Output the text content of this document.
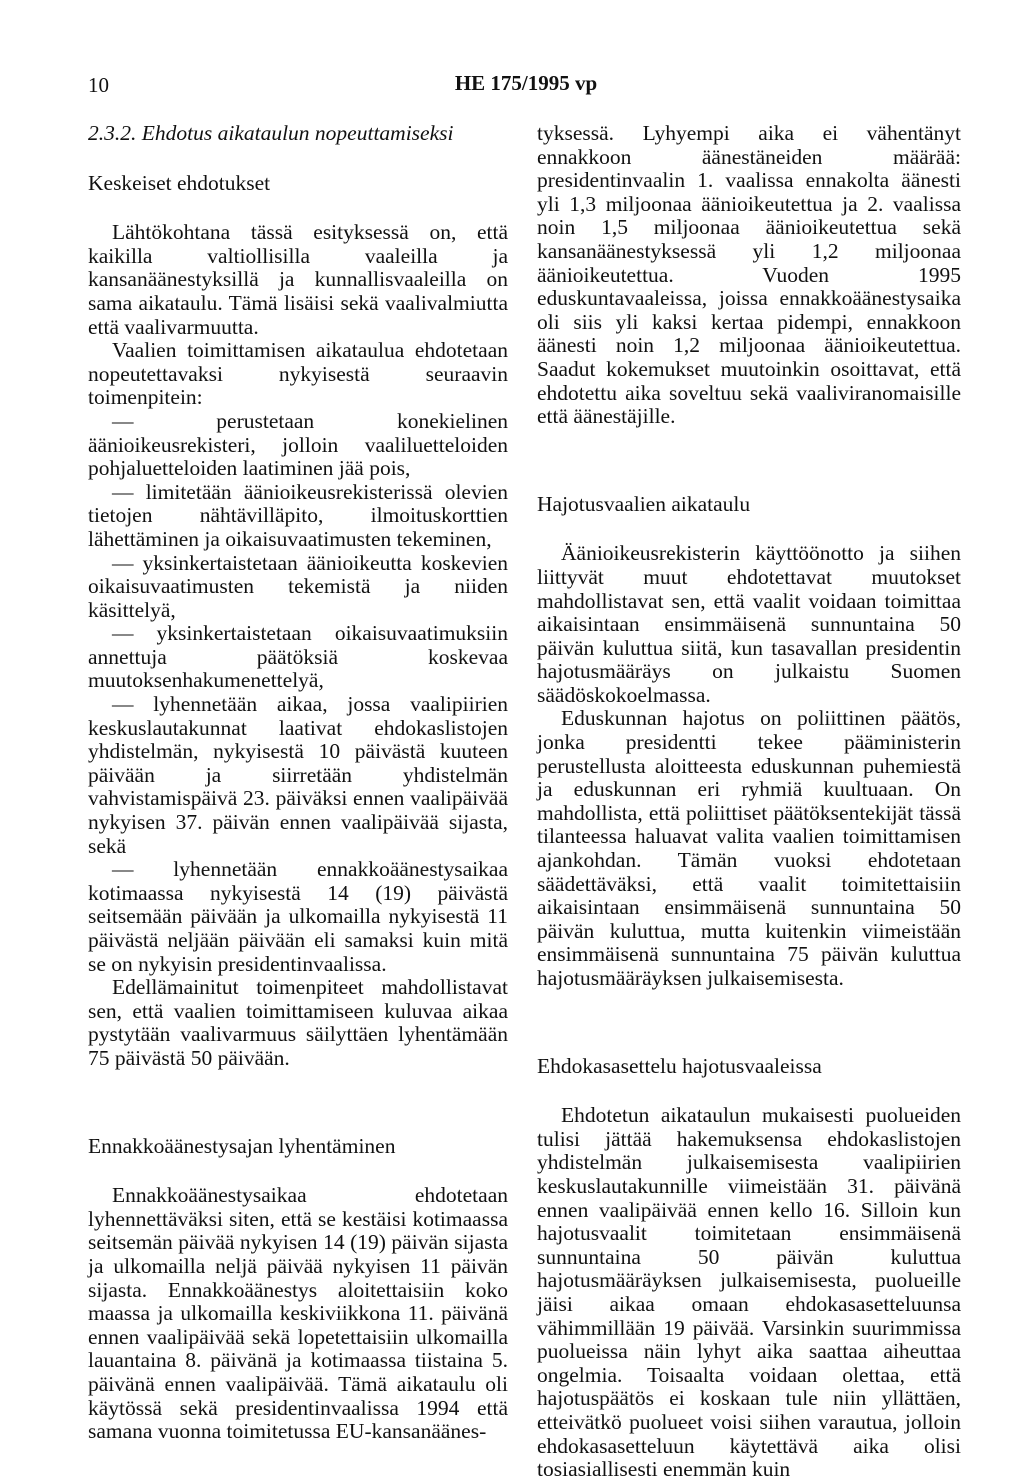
10	HE 175/1995 vp
2.3.2. Ehdotus aikataulun nopeuttamiseksi
Keskeiset ehdotukset

Lähtökohtana tässä esityksessä on, että kaikilla valtiollisilla vaaleilla ja kansanäänestyksillä ja kunnallisvaaleilla on sama aikataulu. Tämä lisäisi sekä vaalivalmiutta että vaalivarmuutta.

Vaalien toimittamisen aikataulua ehdotetaan nopeutettavaksi nykyisestä seuraavin toimenpitein:

— perustetaan konekielinen äänioikeusrekisteri, jolloin vaaliluetteloiden pohjaluetteloiden laatiminen jää pois,

— limitetään äänioikeusrekisterissä olevien tietojen nähtävilläpito, ilmoituskorttien lähettäminen ja oikaisuvaatimusten tekeminen,

— yksinkertaistetaan äänioikeutta koskevien oikaisuvaatimusten tekemistä ja niiden käsittelyä,

— yksinkertaistetaan oikaisuvaatimuksiin annettuja päätöksiä koskevaa muutoksenhakumenettelyä,

— lyhennetään aikaa, jossa vaalipiirien keskuslautakunnat laativat ehdokaslistojen yhdistelmän, nykyisestä 10 päivästä kuuteen päivään ja siirretään yhdistelmän vahvistamispäivä 23. päiväksi ennen vaalipäivää nykyisen 37. päivän ennen vaalipäivää sijasta, sekä

— lyhennetään ennakkoäänestysaikaa kotimaassa nykyisestä 14 (19) päivästä seitsemään päivään ja ulkomailla nykyisestä 11 päivästä neljään päivään eli samaksi kuin mitä se on nykyisin presidentinvaalissa.

Edellämainitut toimenpiteet mahdollistavat sen, että vaalien toimittamiseen kuluvaa aikaa pystytään vaalivarmuus säilyttäen lyhentämään 75 päivästä 50 päivään.

Ennakkoäänestysajan lyhentäminen

Ennakkoäänestysaikaa ehdotetaan lyhennettäväksi siten, että se kestäisi kotimaassa seitsemän päivää nykyisen 14 (19) päivän sijasta ja ulkomailla neljä päivää nykyisen 11 päivän sijasta. Ennakkoäänestys aloitettaisiin koko maassa ja ulkomailla keskiviikkona 11. päivänä ennen vaalipäivää sekä lopetettaisiin ulkomailla lauantaina 8. päivänä ja kotimaassa tiistaina 5. päivänä ennen vaalipäivää. Tämä aikataulu oli käytössä sekä presidentinvaalissa 1994 että samana vuonna toimitetussa EU-kansanäänes-

tyksessä. Lyhyempi aika ei vähentänyt ennakkoon äänestäneiden määrää: presidentinvaalin 1. vaalissa ennakolta äänesti yli 1,3 miljoonaa äänioikeutettua ja 2. vaalissa noin 1,5 miljoonaa äänioikeutettua sekä kansanäänestyksessä yli 1,2 miljoonaa äänioikeutettua. Vuoden 1995 eduskuntavaaleissa, joissa ennakkoäänestysaika oli siis yli kaksi kertaa pidempi, ennakkoon äänesti noin 1,2 miljoonaa äänioikeutettua. Saadut kokemukset muutoinkin osoittavat, että ehdotettu aika soveltuu sekä vaaliviranomaisille että äänestäjille.

Hajotusvaalien aikataulu

Äänioikeusrekisterin käyttöönotto ja siihen liittyvät muut ehdotettavat muutokset mahdollistavat sen, että vaalit voidaan toimittaa aikaisintaan ensimmäisenä sunnuntaina 50 päivän kuluttua siitä, kun tasavallan presidentin hajotusmääräys on julkaistu Suomen säädöskokoelmassa.

Eduskunnan hajotus on poliittinen päätös, jonka presidentti tekee pääministerin perustellusta aloitteesta eduskunnan puhemiestä ja eduskunnan eri ryhmiä kuultuaan. On mahdollista, että poliittiset päätöksentekijät tässä tilanteessa haluavat valita vaalien toimittamisen ajankohdan. Tämän vuoksi ehdotetaan säädettäväksi, että vaalit toimitettaisiin aikaisintaan ensimmäisenä sunnuntaina 50 päivän kuluttua, mutta kuitenkin viimeistään ensimmäisenä sunnuntaina 75 päivän kuluttua hajotusmääräyksen julkaisemisesta.

Ehdokasasettelu hajotusvaaleissa

Ehdotetun aikataulun mukaisesti puolueiden tulisi jättää hakemuksensa ehdokaslistojen yhdistelmän julkaisemisesta vaalipiirien keskuslautakunnille viimeistään 31. päivänä ennen vaalipäivää ennen kello 16. Silloin kun hajotusvaalit toimitetaan ensimmäisenä sunnuntaina 50 päivän kuluttua hajotusmääräyksen julkaisemisesta, puolueille jäisi aikaa omaan ehdokasasetteluunsa vähimmillään 19 päivää. Varsinkin suurimmissa puolueissa näin lyhyt aika saattaa aiheuttaa ongelmia. Toisaalta voidaan olettaa, että hajotuspäätös ei koskaan tule niin yllättäen, etteivätkö puolueet voisi siihen varautua, jolloin ehdokasasetteluun käytettävä aika olisi tosiasiallisesti enemmän kuin
